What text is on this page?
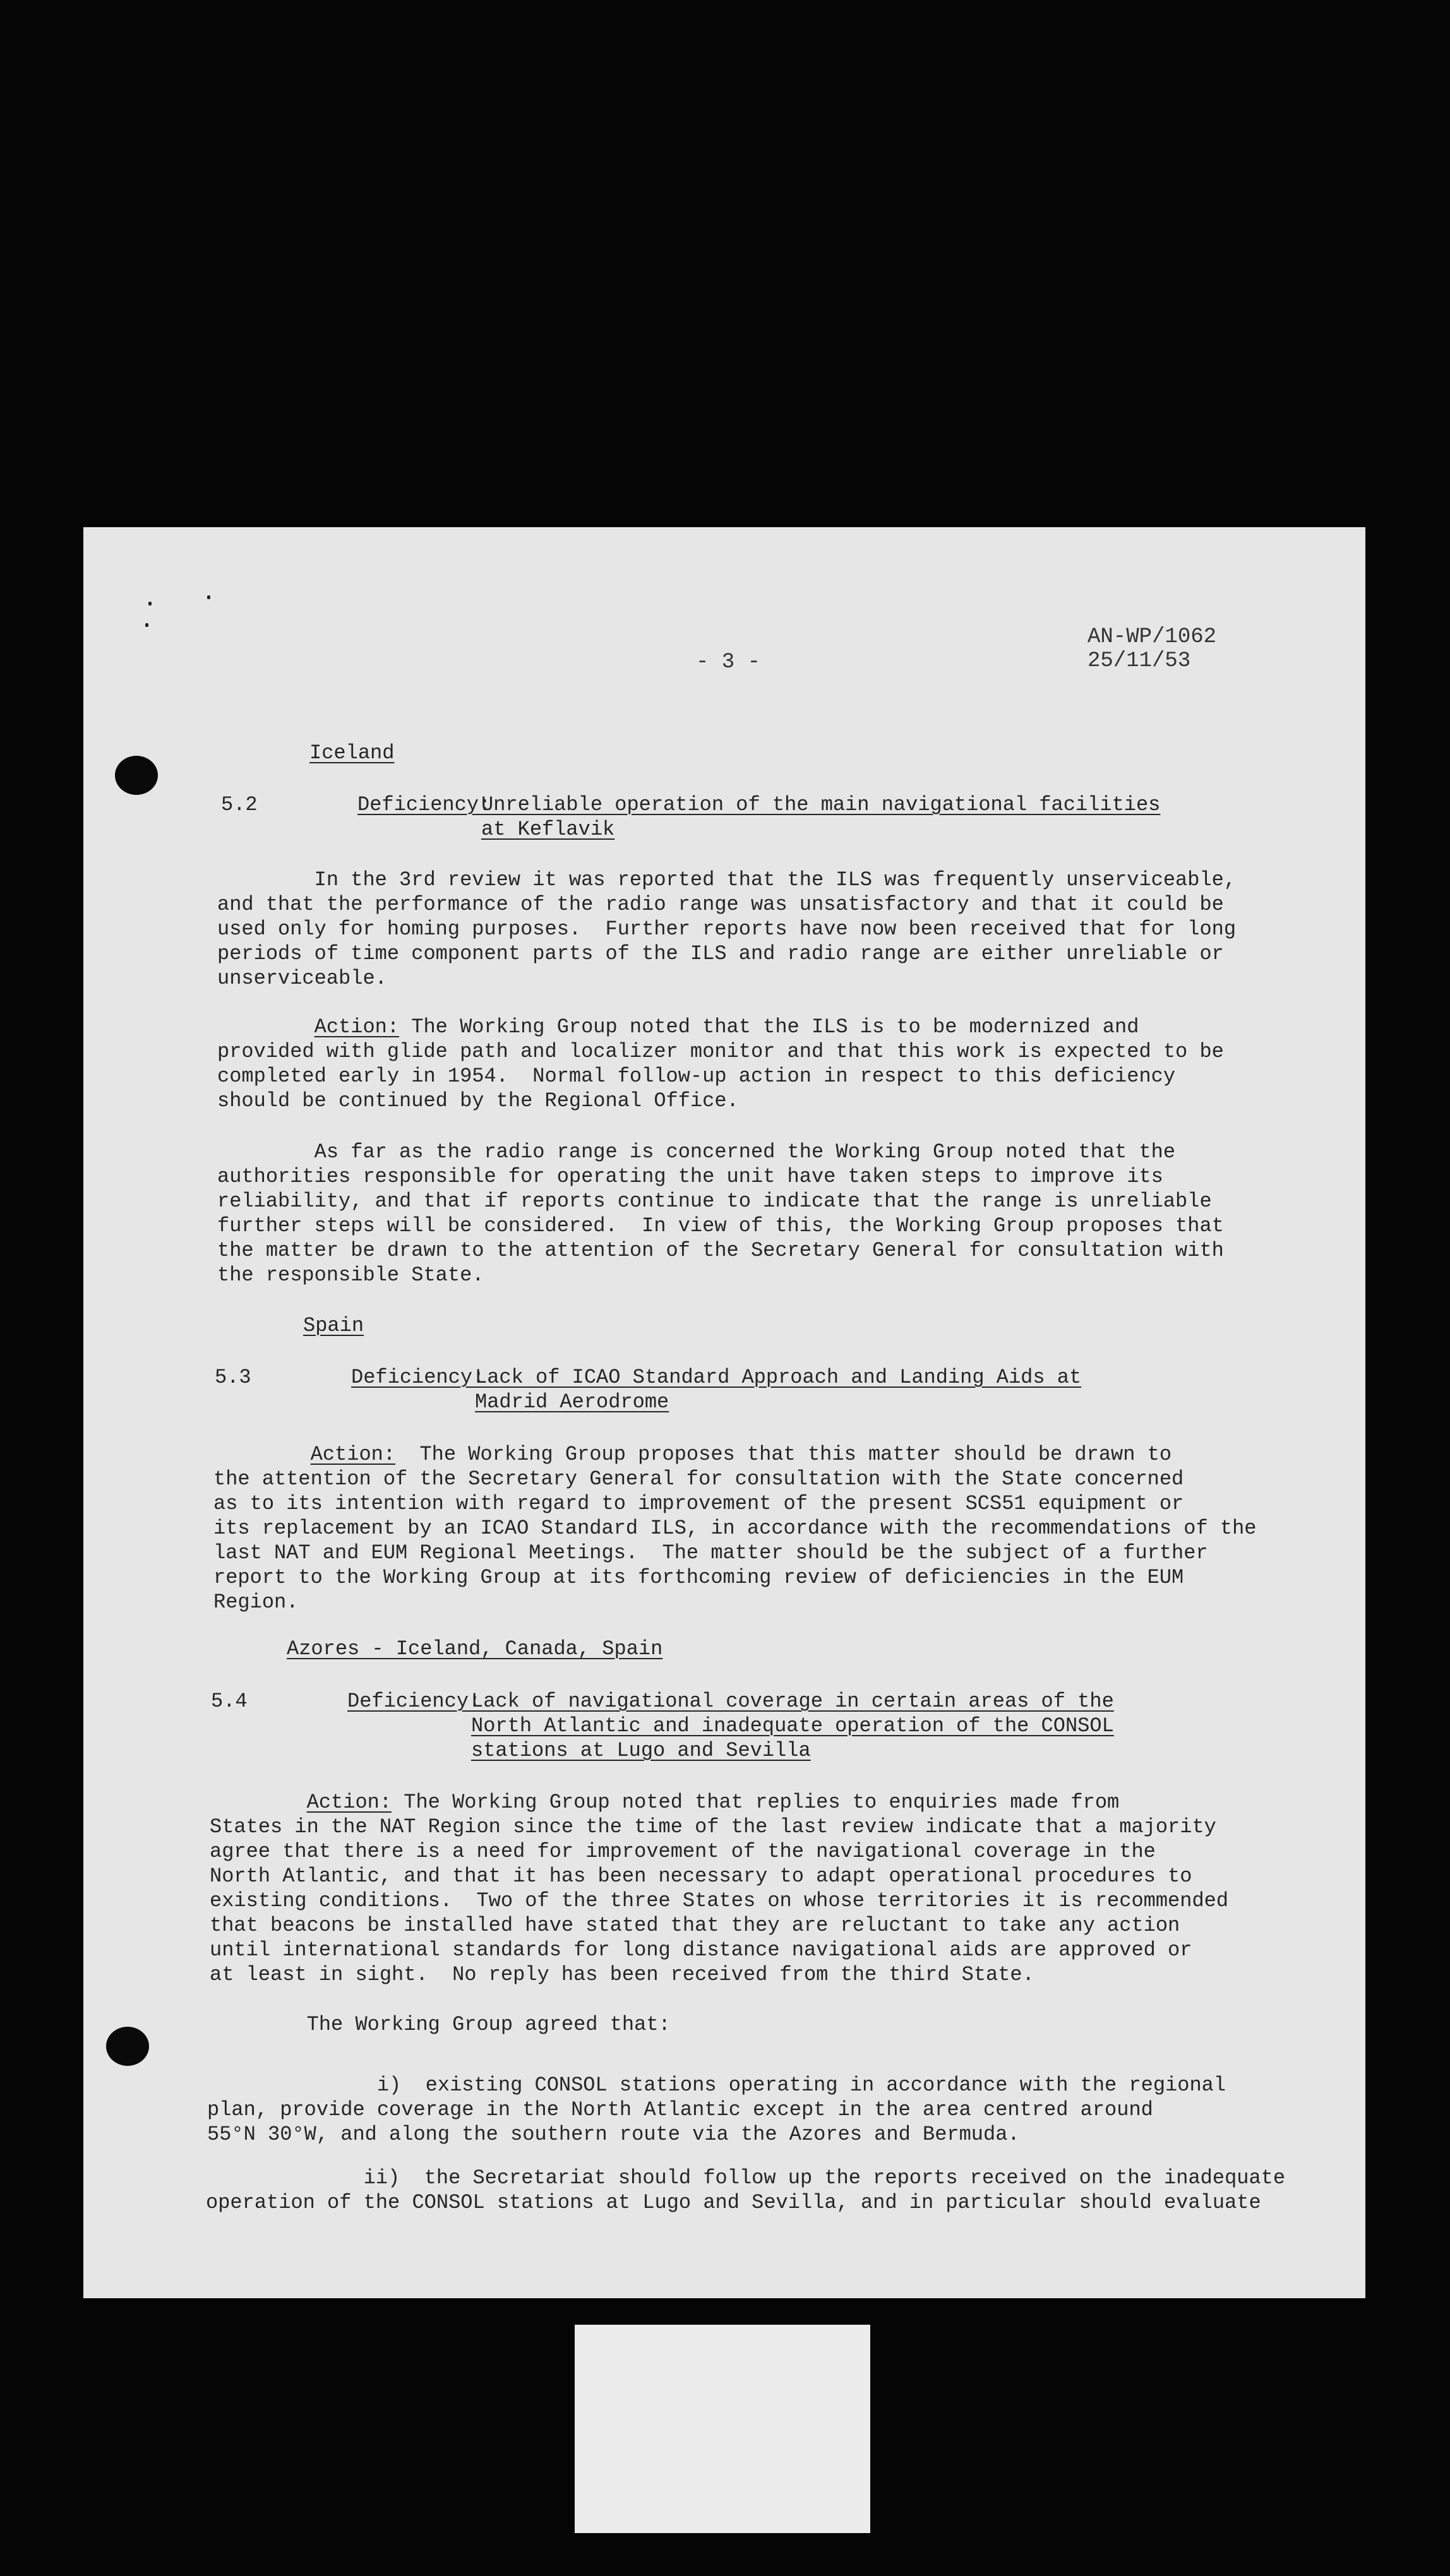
- 3 -
AN-WP/1062
25/11/53
Iceland
5.2	Deficiency:
Unreliable operation of the main navigational facilities
at Keflavik
In the 3rd review it was reported that the ILS was frequently unserviceable,
and that the performance of the radio range was unsatisfactory and that it could be
used only for homing purposes.  Further reports have now been received that for long
periods of time component parts of the ILS and radio range are either unreliable or
unserviceable.
Action: The Working Group noted that the ILS is to be modernized and
provided with glide path and localizer monitor and that this work is expected to be
completed early in 1954.  Normal follow-up action in respect to this deficiency
should be continued by the Regional Office.
As far as the radio range is concerned the Working Group noted that the
authorities responsible for operating the unit have taken steps to improve its
reliability, and that if reports continue to indicate that the range is unreliable
further steps will be considered.  In view of this, the Working Group proposes that
the matter be drawn to the attention of the Secretary General for consultation with
the responsible State.
Spain
5.3	Deficiency:
Lack of ICAO Standard Approach and Landing Aids at
Madrid Aerodrome
Action:  The Working Group proposes that this matter should be drawn to
the attention of the Secretary General for consultation with the State concerned
as to its intention with regard to improvement of the present SCS51 equipment or
its replacement by an ICAO Standard ILS, in accordance with the recommendations of the
last NAT and EUM Regional Meetings.  The matter should be the subject of a further
report to the Working Group at its forthcoming review of deficiencies in the EUM
Region.
Azores - Iceland, Canada, Spain
5.4	Deficiency:
Lack of navigational coverage in certain areas of the
North Atlantic and inadequate operation of the CONSOL
stations at Lugo and Sevilla
Action: The Working Group noted that replies to enquiries made from
States in the NAT Region since the time of the last review indicate that a majority
agree that there is a need for improvement of the navigational coverage in the
North Atlantic, and that it has been necessary to adapt operational procedures to
existing conditions.  Two of the three States on whose territories it is recommended
that beacons be installed have stated that they are reluctant to take any action
until international standards for long distance navigational aids are approved or
at least in sight.  No reply has been received from the third State.
The Working Group agreed that:
i)  existing CONSOL stations operating in accordance with the regional
plan, provide coverage in the North Atlantic except in the area centred around
55°N 30°W, and along the southern route via the Azores and Bermuda.
ii)  the Secretariat should follow up the reports received on the inadequate
operation of the CONSOL stations at Lugo and Sevilla, and in particular should evaluate
